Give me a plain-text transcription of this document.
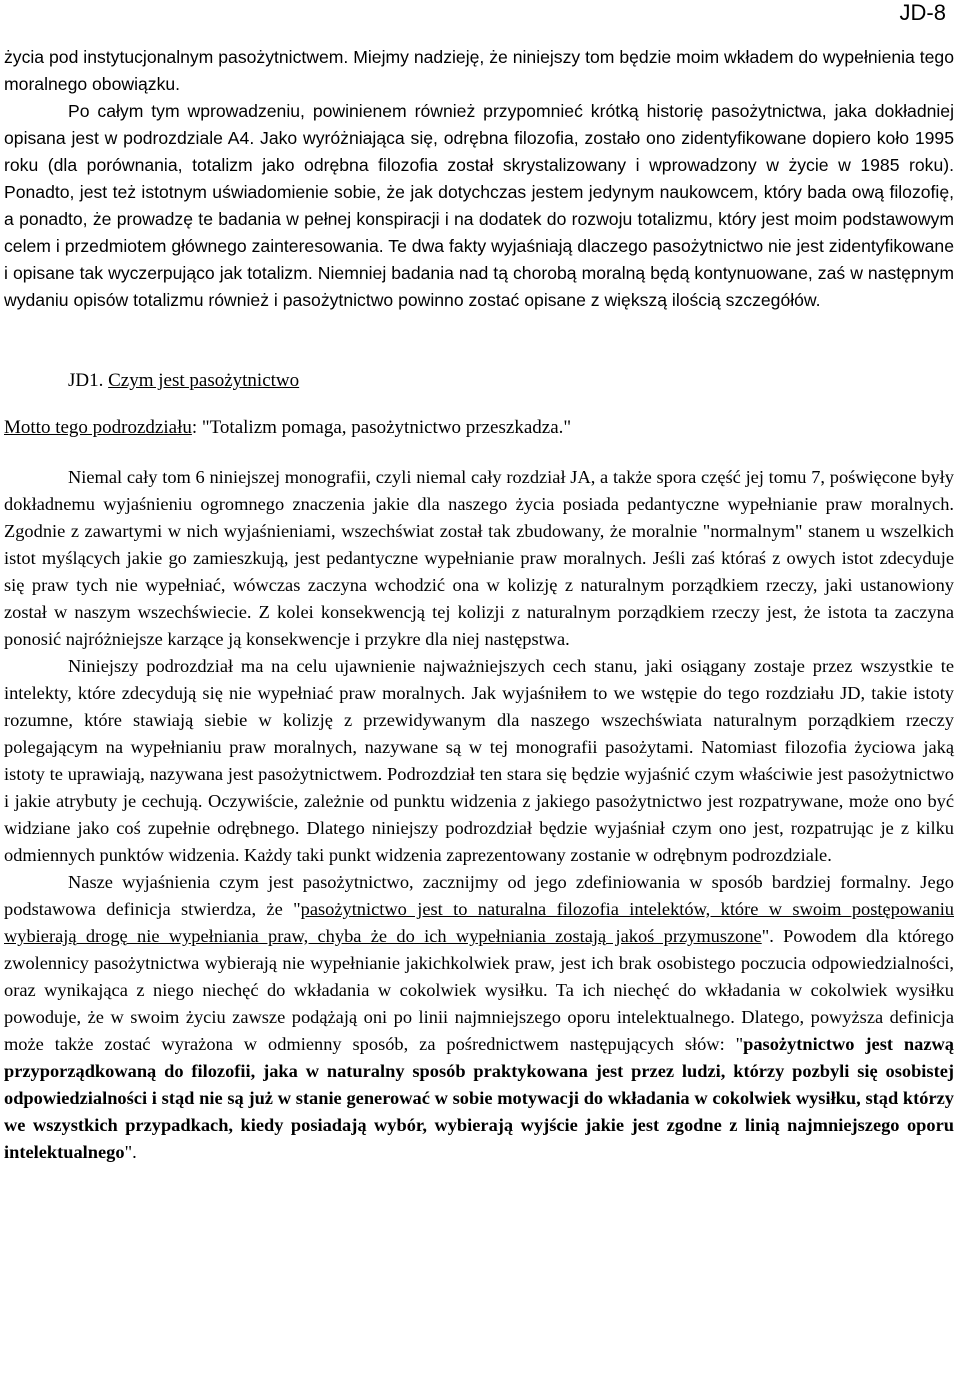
JD-8

życia pod instytucjonalnym pasożytnictwem. Miejmy nadzieję, że niniejszy tom będzie moim wkładem do wypełnienia tego moralnego obowiązku.

Po całym tym wprowadzeniu, powinienem również przypomnieć krótką historię pasożytnictwa, jaka dokładniej opisana jest w podrozdziale A4. Jako wyróżniająca się, odrębna filozofia, zostało ono zidentyfikowane dopiero koło 1995 roku (dla porównania, totalizm jako odrębna filozofia został skrystalizowany i wprowadzony w życie w 1985 roku). Ponadto, jest też istotnym uświadomienie sobie, że jak dotychczas jestem jedynym naukowcem, który bada ową filozofię, a ponadto, że prowadzę te badania w pełnej konspiracji i na dodatek do rozwoju totalizmu, który jest moim podstawowym celem i przedmiotem głównego zainteresowania. Te dwa fakty wyjaśniają dlaczego pasożytnictwo nie jest zidentyfikowane i opisane tak wyczerpująco jak totalizm. Niemniej badania nad tą chorobą moralną będą kontynuowane, zaś w następnym wydaniu opisów totalizmu również i pasożytnictwo powinno zostać opisane z większą ilością szczegółów.

JD1. Czym jest pasożytnictwo
Motto tego podrozdziału: "Totalizm pomaga, pasożytnictwo przeszkadza."

Niemal cały tom 6 niniejszej monografii, czyli niemal cały rozdział JA, a także spora część jej tomu 7, poświęcone były dokładnemu wyjaśnieniu ogromnego znaczenia jakie dla naszego życia posiada pedantyczne wypełnianie praw moralnych. Zgodnie z zawartymi w nich wyjaśnieniami, wszechświat został tak zbudowany, że moralnie "normalnym" stanem u wszelkich istot myślących jakie go zamieszkują, jest pedantyczne wypełnianie praw moralnych. Jeśli zaś któraś z owych istot zdecyduje się praw tych nie wypełniać, wówczas zaczyna wchodzić ona w kolizję z naturalnym porządkiem rzeczy, jaki ustanowiony został w naszym wszechświecie. Z kolei konsekwencją tej kolizji z naturalnym porządkiem rzeczy jest, że istota ta zaczyna ponosić najróżniejsze karzące ją konsekwencje i przykre dla niej następstwa.

Niniejszy podrozdział ma na celu ujawnienie najważniejszych cech stanu, jaki osiągany zostaje przez wszystkie te intelekty, które zdecydują się nie wypełniać praw moralnych. Jak wyjaśniłem to we wstępie do tego rozdziału JD, takie istoty rozumne, które stawiają siebie w kolizję z przewidywanym dla naszego wszechświata naturalnym porządkiem rzeczy polegającym na wypełnianiu praw moralnych, nazywane są w tej monografii pasożytami. Natomiast filozofia życiowa jaką istoty te uprawiają, nazywana jest pasożytnictwem. Podrozdział ten stara się będzie wyjaśnić czym właściwie jest pasożytnictwo i jakie atrybuty je cechują. Oczywiście, zależnie od punktu widzenia z jakiego pasożytnictwo jest rozpatrywane, może ono być widziane jako coś zupełnie odrębnego. Dlatego niniejszy podrozdział będzie wyjaśniał czym ono jest, rozpatrując je z kilku odmiennych punktów widzenia. Każdy taki punkt widzenia zaprezentowany zostanie w odrębnym podrozdziale.

Nasze wyjaśnienia czym jest pasożytnictwo, zacznijmy od jego zdefiniowania w sposób bardziej formalny. Jego podstawowa definicja stwierdza, że "pasożytnictwo jest to naturalna filozofia intelektów, które w swoim postępowaniu wybierają drogę nie wypełniania praw, chyba że do ich wypełniania zostają jakoś przymuszone". Powodem dla którego zwolennicy pasożytnictwa wybierają nie wypełnianie jakichkolwiek praw, jest ich brak osobistego poczucia odpowiedzialności, oraz wynikająca z niego niechęć do wkładania w cokolwiek wysiłku. Ta ich niechęć do wkładania w cokolwiek wysiłku powoduje, że w swoim życiu zawsze podążają oni po linii najmniejszego oporu intelektualnego. Dlatego, powyższa definicja może także zostać wyrażona w odmienny sposób, za pośrednictwem następujących słów: "pasożytnictwo jest nazwą przyporządkowaną do filozofii, jaka w naturalny sposób praktykowana jest przez ludzi, którzy pozbyli się osobistej odpowiedzialności i stąd nie są już w stanie generować w sobie motywacji do wkładania w cokolwiek wysiłku, stąd którzy we wszystkich przypadkach, kiedy posiadają wybór, wybierają wyjście jakie jest zgodne z linią najmniejszego oporu intelektualnego".
